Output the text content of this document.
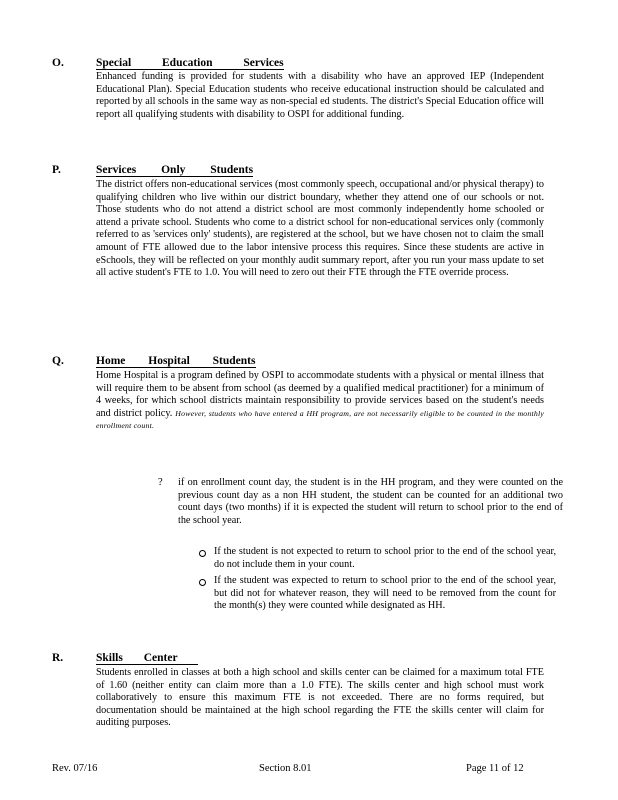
O.	Special Education Services
Enhanced funding is provided for students with a disability who have an approved IEP (Independent Educational Plan). Special Education students who receive educational instruction should be calculated and reported by all schools in the same way as non-special ed students. The district's Special Education office will report all qualifying students with disability to OSPI for additional funding.
P.	Services Only Students
The district offers non-educational services (most commonly speech, occupational and/or physical therapy) to qualifying children who live within our district boundary, whether they attend one of our schools or not. Those students who do not attend a district school are most commonly independently home schooled or attend a private school. Students who come to a district school for non-educational services only (commonly referred to as 'services only' students), are registered at the school, but we have chosen not to claim the small amount of FTE allowed due to the labor intensive process this requires. Since these students are active in eSchools, they will be reflected on your monthly audit summary report, after you run your mass update to set all active student's FTE to 1.0. You will need to zero out their FTE through the FTE override process.
Q.	Home Hospital Students
Home Hospital is a program defined by OSPI to accommodate students with a physical or mental illness that will require them to be absent from school (as deemed by a qualified medical practitioner) for a minimum of 4 weeks, for which school districts maintain responsibility to provide services based on the student's needs and district policy. However, students who have entered a HH program, are not necessarily eligible to be counted in the monthly enrollment count.
? if on enrollment count day, the student is in the HH program, and they were counted on the previous count day as a non HH student, the student can be counted for an additional two count days (two months) if it is expected the student will return to school prior to the end of the school year.
If the student is not expected to return to school prior to the end of the school year, do not include them in your count.
If the student was expected to return to school prior to the end of the school year, but did not for whatever reason, they will need to be removed from the count for the month(s) they were counted while designated as HH.
R.	Skills Center
Students enrolled in classes at both a high school and skills center can be claimed for a maximum total FTE of 1.60 (neither entity can claim more than a 1.0 FTE). The skills center and high school must work collaboratively to ensure this maximum FTE is not exceeded. There are no forms required, but documentation should be maintained at the high school regarding the FTE the skills center will claim for auditing purposes.
Rev. 07/16	Section 8.01	Page 11 of 12
